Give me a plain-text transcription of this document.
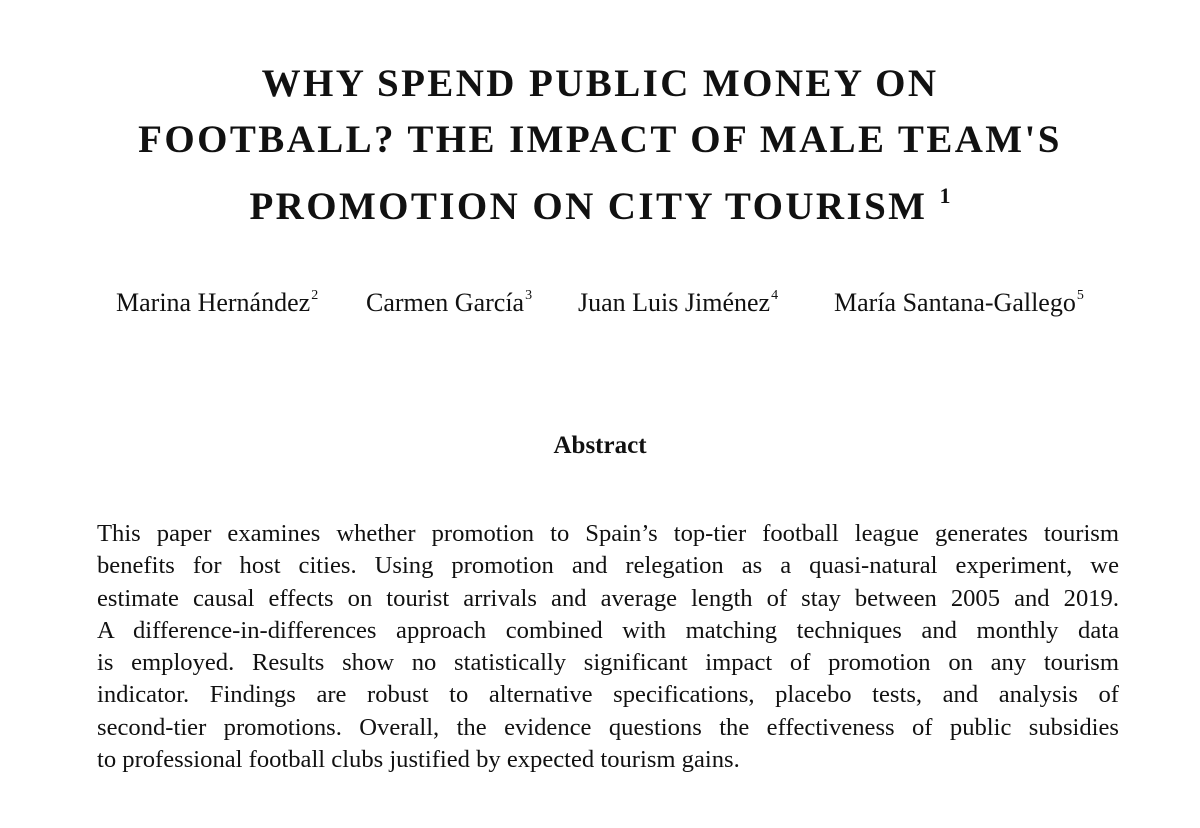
WHY SPEND PUBLIC MONEY ON
FOOTBALL? THE IMPACT OF MALE TEAM'S
PROMOTION ON CITY TOURISM $^1$
Marina Hernández$^2$ Carmen García$^3$ Juan Luis Jiménez$^4$ María Santana-Gallego$^5$
Abstract

This paper examines whether promotion to Spain’s top-tier football league generates tourism
benefits for host cities. Using promotion and relegation as a quasi-natural experiment, we
estimate causal effects on tourist arrivals and average length of stay between 2005 and 2019.
A difference-in-differences approach combined with matching techniques and monthly data
is employed. Results show no statistically significant impact of promotion on any tourism
indicator. Findings are robust to alternative specifications, placebo tests, and analysis of
second-tier promotions. Overall, the evidence questions the effectiveness of public subsidies
to professional football clubs justified by expected tourism gains.
